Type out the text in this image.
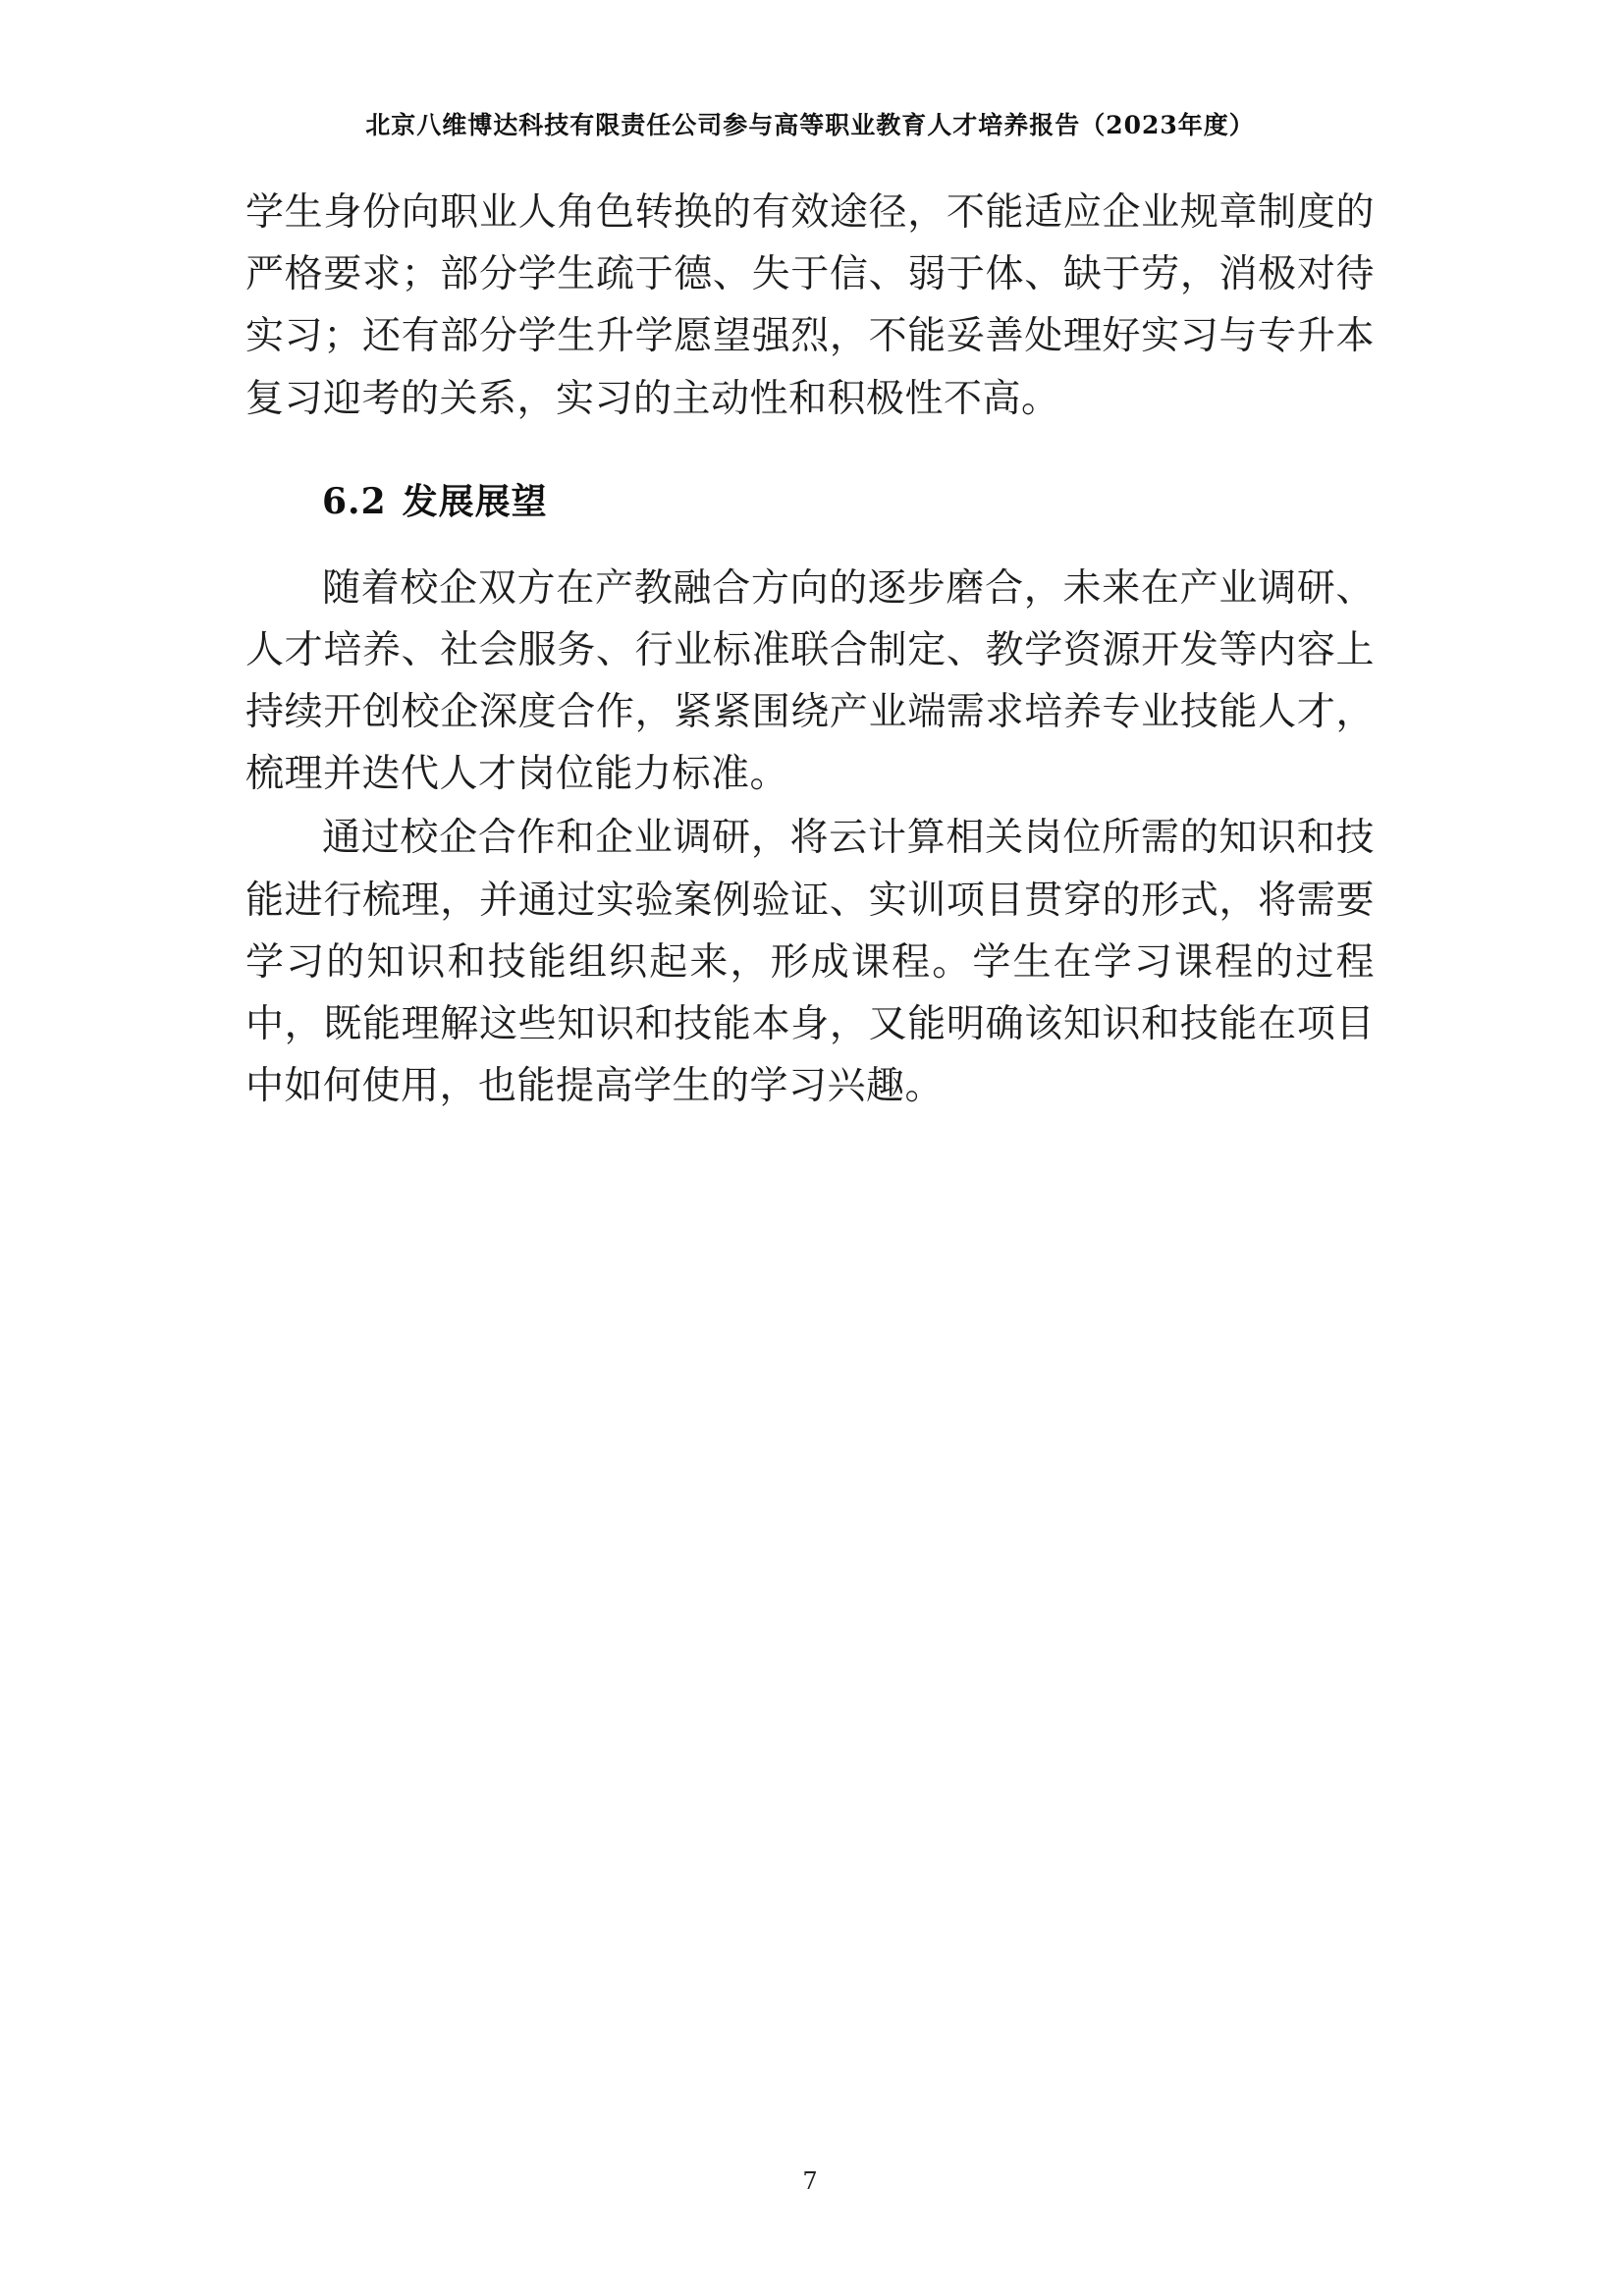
北京八维博达科技有限责任公司参与高等职业教育人才培养报告（2023年度）

学生身份向职业人角色转换的有效途径，不能适应企业规章制度的严格要求；部分学生疏于德、失于信、弱于体、缺于劳，消极对待实习；还有部分学生升学愿望强烈，不能妥善处理好实习与专升本复习迎考的关系，实习的主动性和积极性不高。

6.2 发展展望

随着校企双方在产教融合方向的逐步磨合，未来在产业调研、人才培养、社会服务、行业标准联合制定、教学资源开发等内容上持续开创校企深度合作，紧紧围绕产业端需求培养专业技能人才，梳理并迭代人才岗位能力标准。

通过校企合作和企业调研，将云计算相关岗位所需的知识和技能进行梳理，并通过实验案例验证、实训项目贯穿的形式，将需要学习的知识和技能组织起来，形成课程。学生在学习课程的过程中，既能理解这些知识和技能本身，又能明确该知识和技能在项目中如何使用，也能提高学生的学习兴趣。

7
